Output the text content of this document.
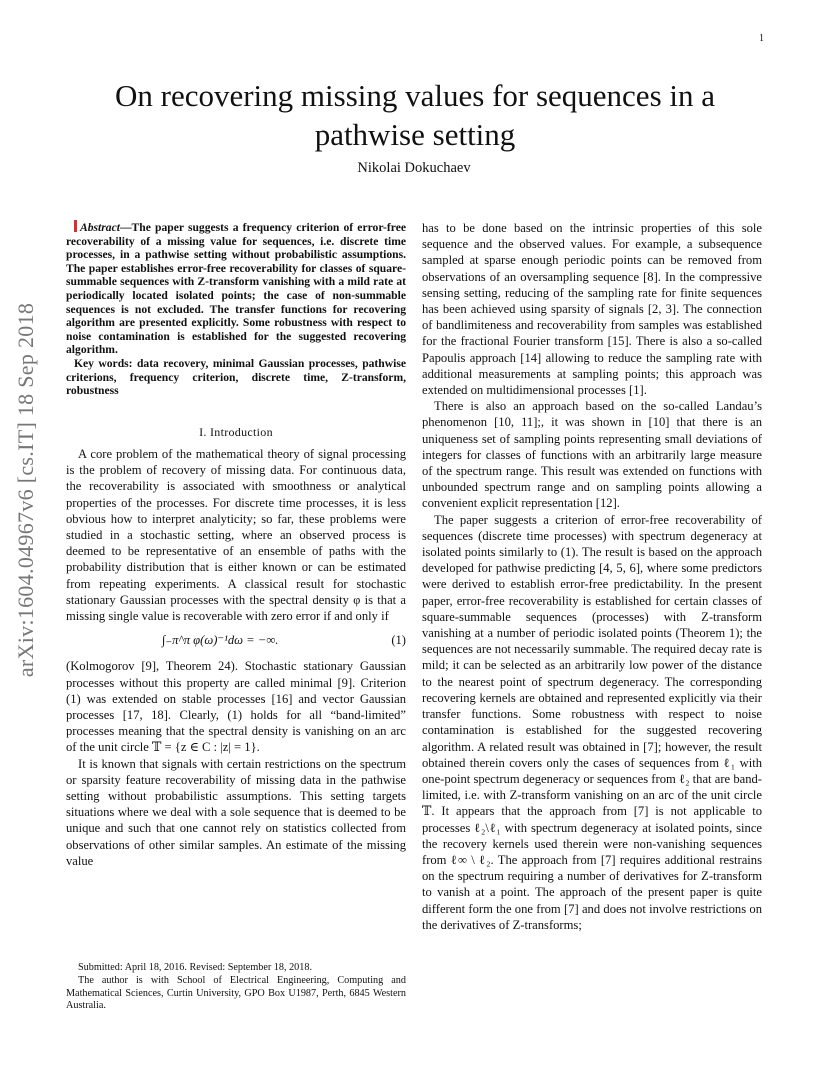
1
arXiv:1604.04967v6 [cs.IT] 18 Sep 2018
On recovering missing values for sequences in a pathwise setting
Nikolai Dokuchaev

Abstract—The paper suggests a frequency criterion of error-free recoverability of a missing value for sequences, i.e. discrete time processes, in a pathwise setting without probabilistic assumptions. The paper establishes error-free recoverability for classes of square-summable sequences with Z-transform vanishing with a mild rate at periodically located isolated points; the case of non-summable sequences is not excluded. The transfer functions for recovering algorithm are presented explicitly. Some robustness with respect to noise contamination is established for the suggested recovering algorithm.

Key words: data recovery, minimal Gaussian processes, pathwise criterions, frequency criterion, discrete time, Z-transform, robustness

I. Introduction

A core problem of the mathematical theory of signal processing is the problem of recovery of missing data. For continuous data, the recoverability is associated with smoothness or analytical properties of the processes. For discrete time processes, it is less obvious how to interpret analyticity; so far, these problems were studied in a stochastic setting, where an observed process is deemed to be representative of an ensemble of paths with the probability distribution that is either known or can be estimated from repeating experiments. A classical result for stochastic stationary Gaussian processes with the spectral density φ is that a missing single value is recoverable with zero error if and only if

∫₋π^π φ(ω)⁻¹dω = −∞.	(1)

(Kolmogorov [9], Theorem 24). Stochastic stationary Gaussian processes without this property are called minimal [9]. Criterion (1) was extended on stable processes [16] and vector Gaussian processes [17, 18]. Clearly, (1) holds for all “band-limited” processes meaning that the spectral density is vanishing on an arc of the unit circle 𝕋 = {z ∈ C : |z| = 1}.

It is known that signals with certain restrictions on the spectrum or sparsity feature recoverability of missing data in the pathwise setting without probabilistic assumptions. This setting targets situations where we deal with a sole sequence that is deemed to be unique and such that one cannot rely on statistics collected from observations of other similar samples. An estimate of the missing value

Submitted: April 18, 2016. Revised: September 18, 2018.

The author is with School of Electrical Engineering, Computing and Mathematical Sciences, Curtin University, GPO Box U1987, Perth, 6845 Western Australia.

has to be done based on the intrinsic properties of this sole sequence and the observed values. For example, a subsequence sampled at sparse enough periodic points can be removed from observations of an oversampling sequence [8]. In the compressive sensing setting, reducing of the sampling rate for finite sequences has been achieved using sparsity of signals [2, 3]. The connection of bandlimiteness and recoverability from samples was established for the fractional Fourier transform [15]. There is also a so-called Papoulis approach [14] allowing to reduce the sampling rate with additional measurements at sampling points; this approach was extended on multidimensional processes [1].

There is also an approach based on the so-called Landau’s phenomenon [10, 11];, it was shown in [10] that there is an uniqueness set of sampling points representing small deviations of integers for classes of functions with an arbitrarily large measure of the spectrum range. This result was extended on functions with unbounded spectrum range and on sampling points allowing a convenient explicit representation [12].

The paper suggests a criterion of error-free recoverability of sequences (discrete time processes) with spectrum degeneracy at isolated points similarly to (1). The result is based on the approach developed for pathwise predicting [4, 5, 6], where some predictors were derived to establish error-free predictability. In the present paper, error-free recoverability is established for certain classes of square-summable sequences (processes) with Z-transform vanishing at a number of periodic isolated points (Theorem 1); the sequences are not necessarily summable. The required decay rate is mild; it can be selected as an arbitrarily low power of the distance to the nearest point of spectrum degeneracy. The corresponding recovering kernels are obtained and represented explicitly via their transfer functions. Some robustness with respect to noise contamination is established for the suggested recovering algorithm. A related result was obtained in [7]; however, the result obtained therein covers only the cases of sequences from ℓ₁ with one-point spectrum degeneracy or sequences from ℓ₂ that are band-limited, i.e. with Z-transform vanishing on an arc of the unit circle 𝕋. It appears that the approach from [7] is not applicable to processes ℓ₂\ℓ₁ with spectrum degeneracy at isolated points, since the recovery kernels used therein were non-vanishing sequences from ℓ∞ \ ℓ₂. The approach from [7] requires additional restrains on the spectrum requiring a number of derivatives for Z-transform to vanish at a point. The approach of the present paper is quite different form the one from [7] and does not involve restrictions on the derivatives of Z-transforms;
